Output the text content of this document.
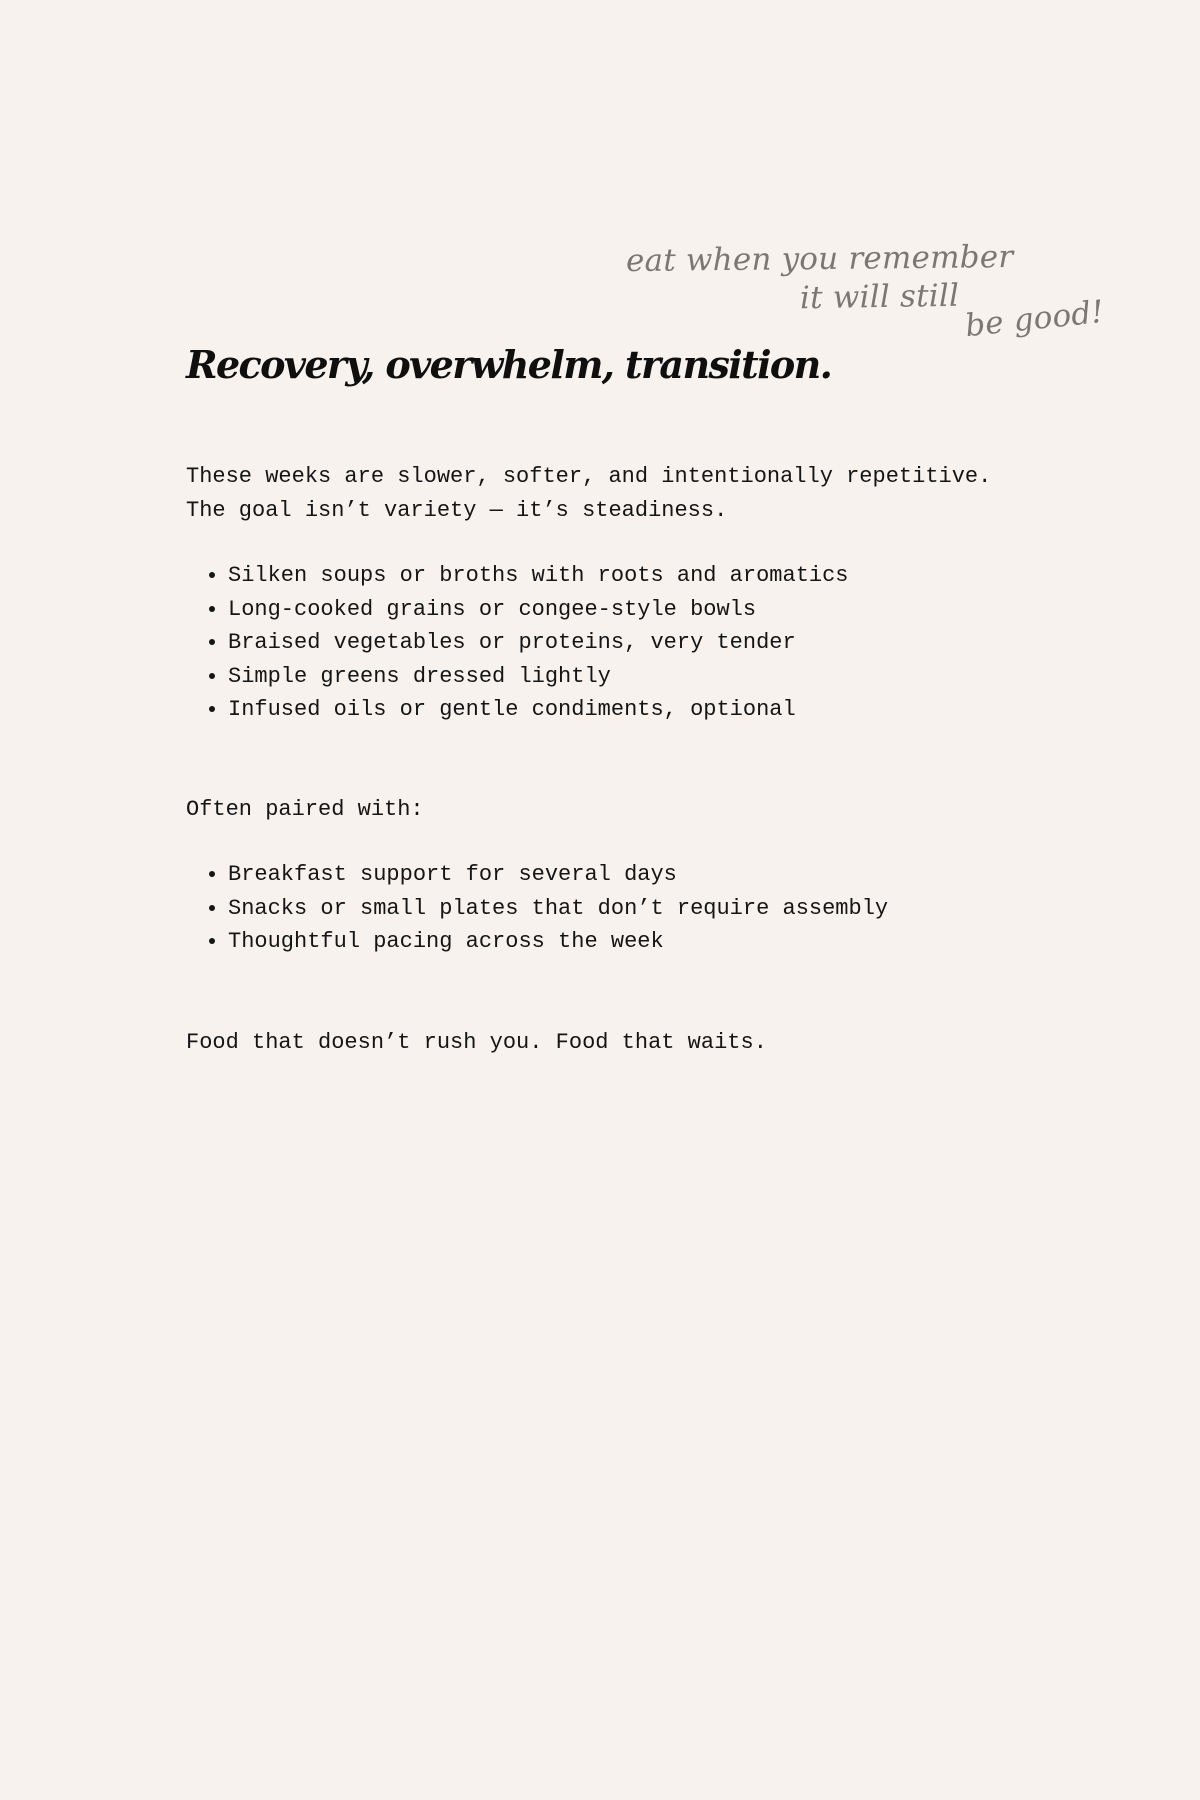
eat when you remember
it will still be good!
Recovery, overwhelm, transition.

These weeks are slower, softer, and intentionally repetitive. The goal isn’t variety — it’s steadiness.

• Silken soups or broths with roots and aromatics
• Long-cooked grains or congee-style bowls
• Braised vegetables or proteins, very tender
• Simple greens dressed lightly
• Infused oils or gentle condiments, optional

Often paired with:

• Breakfast support for several days
• Snacks or small plates that don’t require assembly
• Thoughtful pacing across the week

Food that doesn’t rush you. Food that waits.
